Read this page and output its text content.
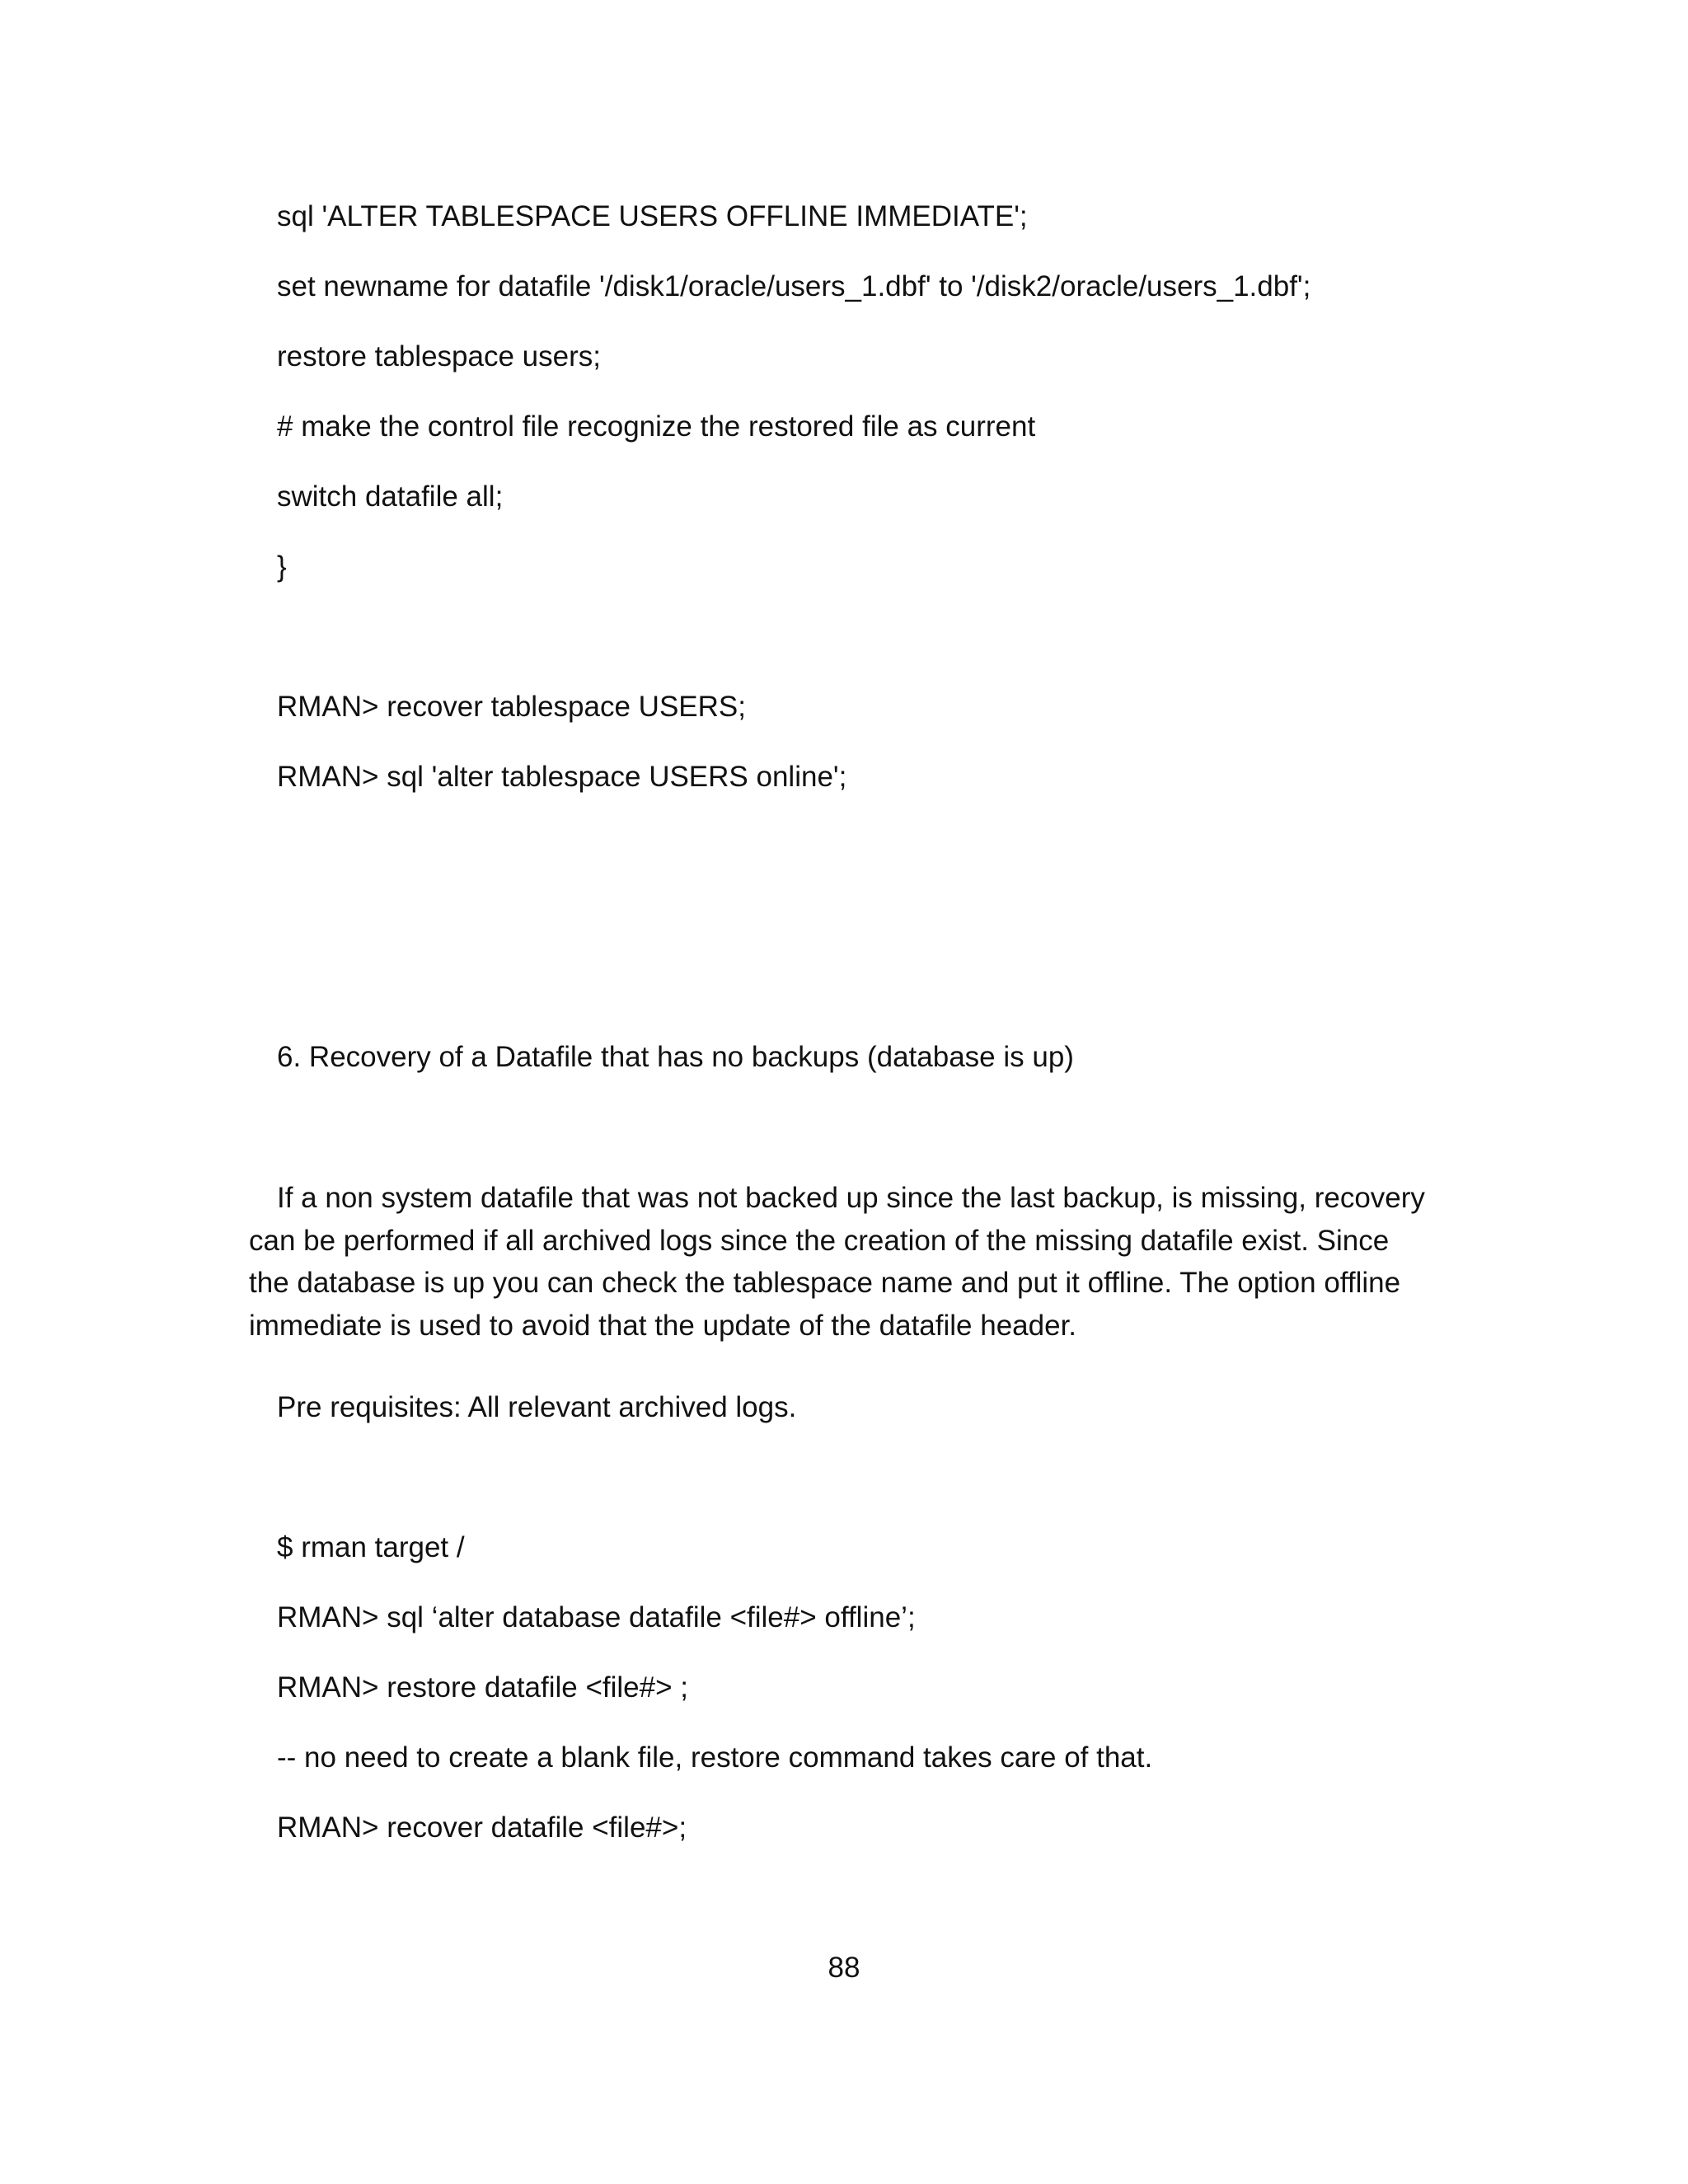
sql 'ALTER TABLESPACE USERS OFFLINE IMMEDIATE';
set newname for datafile '/disk1/oracle/users_1.dbf' to '/disk2/oracle/users_1.dbf';
restore tablespace users;
# make the control file recognize the restored file as current
switch datafile all;
}
RMAN> recover tablespace USERS;
RMAN> sql 'alter tablespace USERS online';
6. Recovery of a Datafile that has no backups (database is up)

If a non system datafile that was not backed up since the last backup, is missing, recovery can be performed if all archived logs since the creation of the missing datafile exist. Since the database is up you can check the tablespace name and put it offline. The option offline immediate is used to avoid that the update of the datafile header.

Pre requisites: All relevant archived logs.
$ rman target /
RMAN> sql ‘alter database datafile <file#> offline’;
RMAN> restore datafile <file#> ;
-- no need to create a blank file, restore command takes care of that.
RMAN> recover datafile <file#>;
88
